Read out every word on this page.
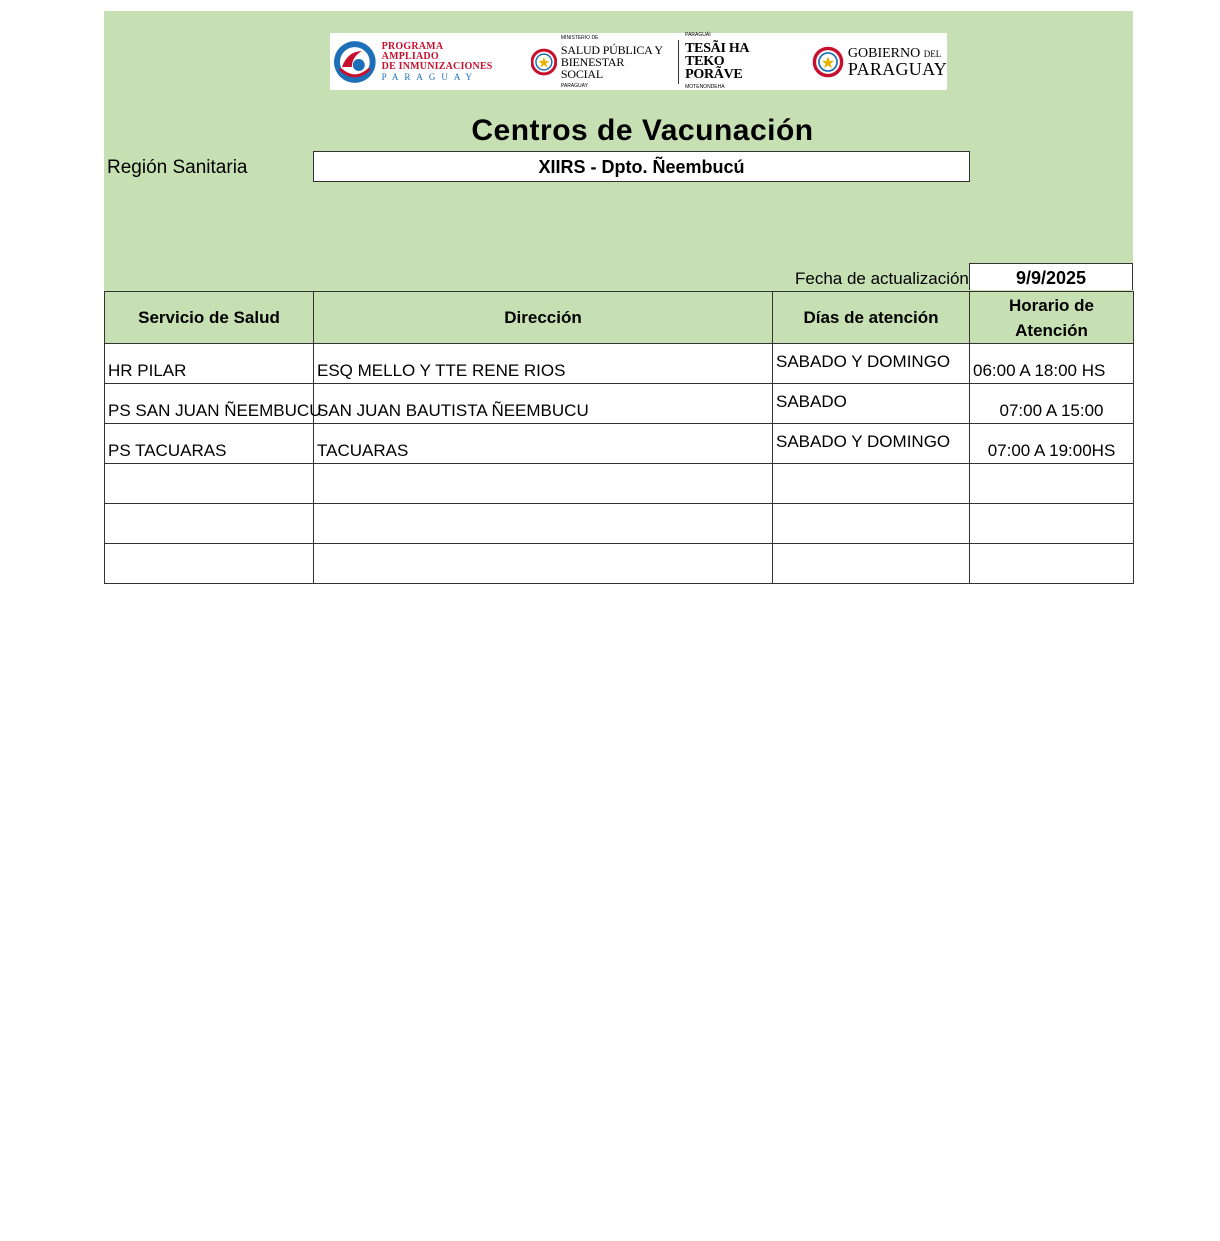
PROGRAMA AMPLIADO
DE INMUNIZACIONES
PARAGUAY
MINISTERIO DE
SALUD PÚBLICA Y
BIENESTAR SOCIAL
PARAGUAY
PARAGUÁI
TESÃI HA TEKO
PORÃVE
MOTENONDEHA
GOBIERNO DEL
PARAGUAY
Centros de Vacunación
Región Sanitaria	XIIRS - Dpto. Ñeembucú
Fecha de actualización	9/9/2025
Servicio de Salud	Dirección	Días de atención	Horario de Atención

HR PILAR	ESQ MELLO Y TTE RENE RIOS	SABADO Y DOMINGO	06:00 A 18:00 HS

PS SAN JUAN ÑEEMBUCU	SAN JUAN BAUTISTA ÑEEMBUCU	SABADO	07:00 A 15:00

PS TACUARAS	TACUARAS	SABADO Y DOMINGO	07:00 A 19:00HS
